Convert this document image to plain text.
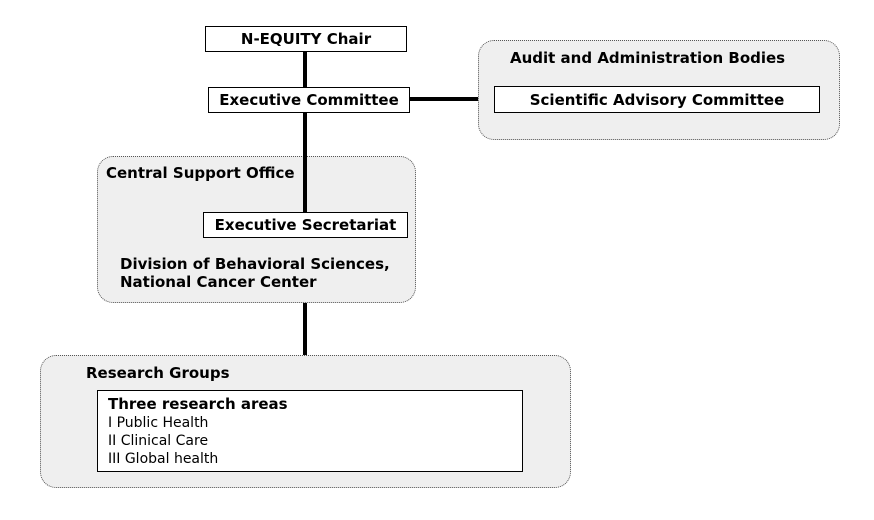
Audit and Administration Bodies
Scientific Advisory Committee
Central Support Office
Executive Secretariat
Division of Behavioral Sciences,
National Cancer Center
N-EQUITY Chair
Executive Committee
Research Groups
Three research areas
I Public Health
II Clinical Care
III Global health
